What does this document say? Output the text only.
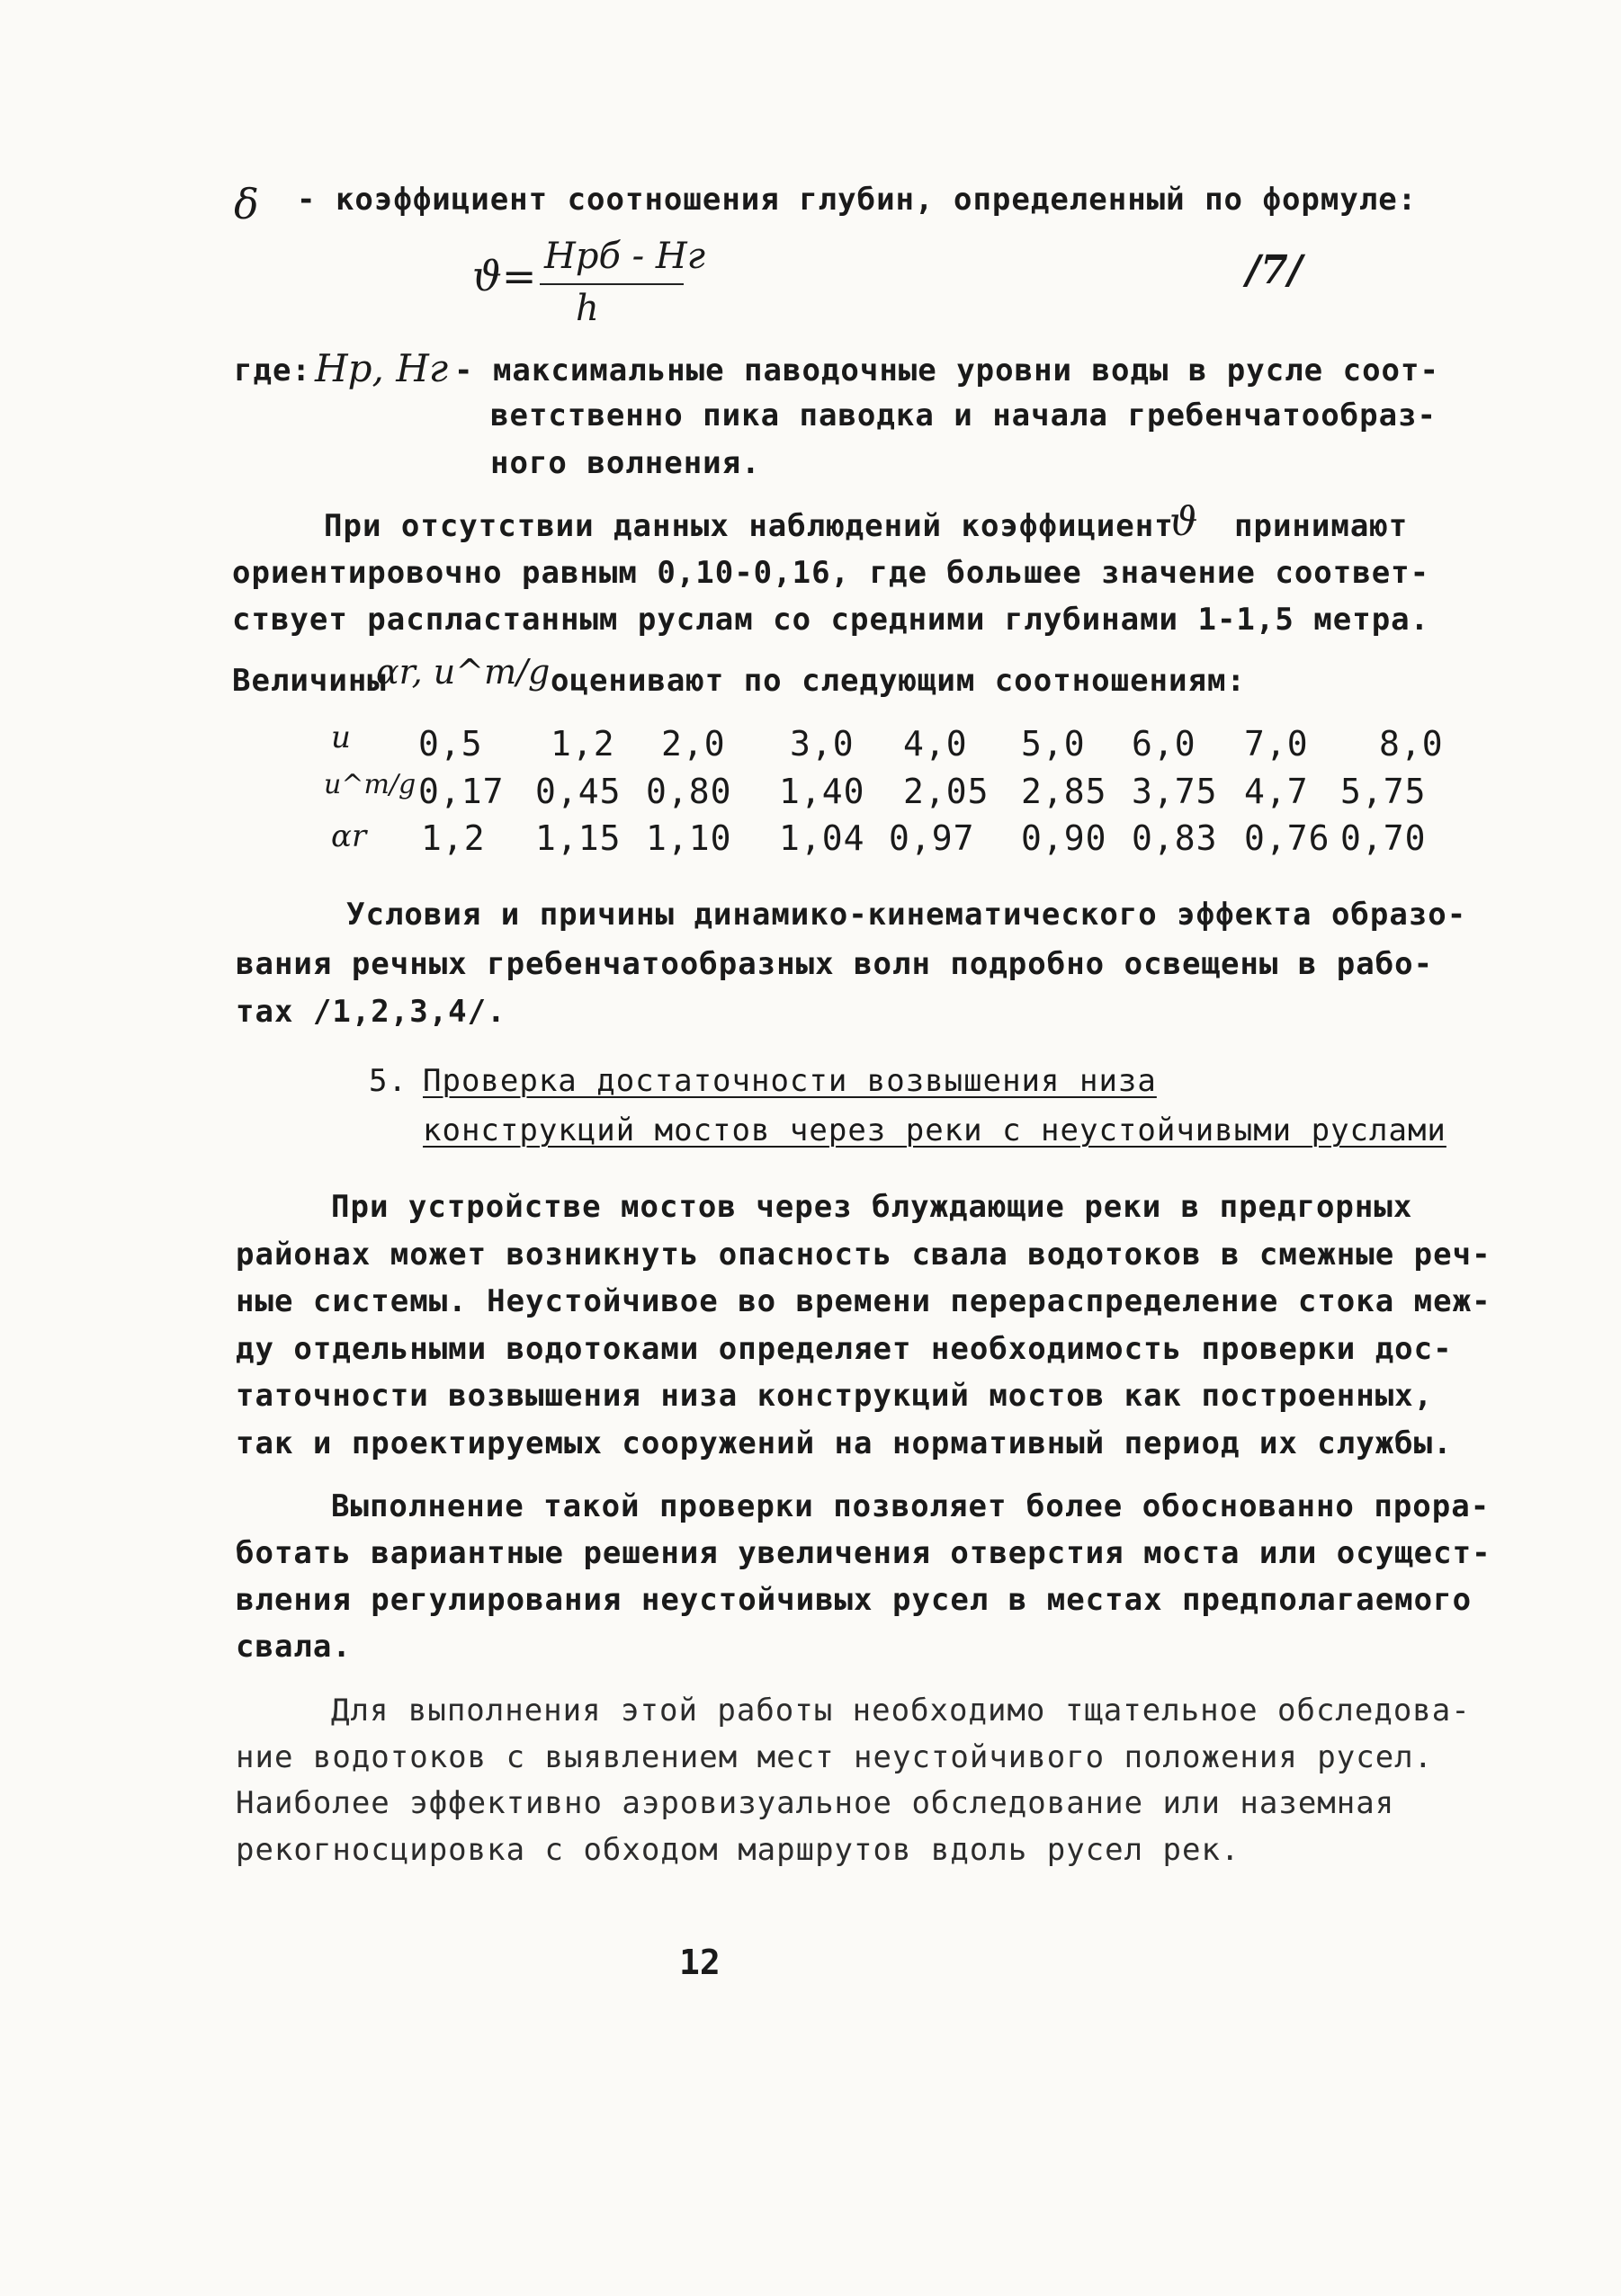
δ - коэффициент соотношения глубин, определенный по формуле:
ϑ= Нрб - Нг
h
/7/
где: Нр, Нг - максимальные паводочные уровни воды в русле соот-
ветственно пика паводка и начала гребенчатообраз-
ного волнения.
При отсутствии данных наблюдений коэффициент
ϑ принимают
ориентировочно равным 0,10-0,16, где большее значение соответ-
ствует распластанным руслам со средними глубинами 1-1,5 метра.
Величины
αr, u^m/g оценивают по следующим соотношениям:
u
u^m/g
αr
0,5 1,2 2,0 3,0 4,0 5,0 6,0 7,0 8,0
0,17 0,45 0,80 1,40 2,05 2,85 3,75 4,7 5,75
1,2 1,15 1,10 1,04 0,97 0,90 0,83 0,76 0,70
Условия и причины динамико-кинематического эффекта образо-
вания речных гребенчатообразных волн подробно освещены в рабо-
тах /1,2,3,4/.
5. Проверка достаточности возвышения низа
конструкций мостов через реки с неустойчивыми руслами
При устройстве мостов через блуждающие реки в предгорных
районах может возникнуть опасность свала водотоков в смежные реч-
ные системы. Неустойчивое во времени перераспределение стока меж-
ду отдельными водотоками определяет необходимость проверки дос-
таточности возвышения низа конструкций мостов как построенных,
так и проектируемых сооружений на нормативный период их службы.
Выполнение такой проверки позволяет более обоснованно прора-
ботать вариантные решения увеличения отверстия моста или осущест-
вления регулирования неустойчивых русел в местах предполагаемого
свала.
Для выполнения этой работы необходимо тщательное обследова-
ние водотоков с выявлением мест неустойчивого положения русел.
Наиболее эффективно аэровизуальное обследование или наземная
рекогносцировка с обходом маршрутов вдоль русел рек.
12
